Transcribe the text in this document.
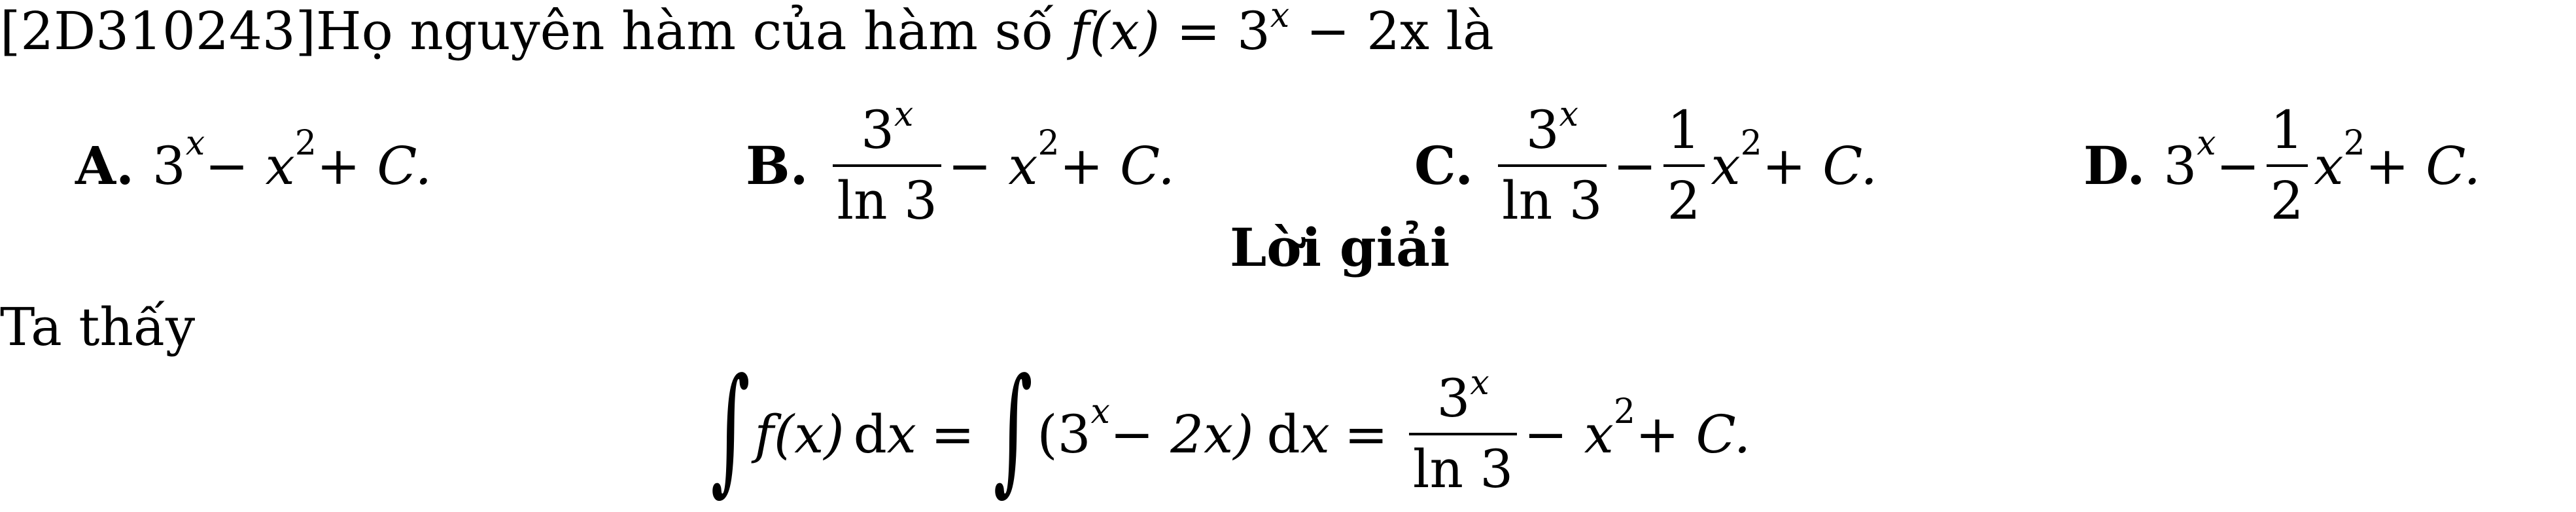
[2D310243]Họ nguyên hàm của hàm số $f(x) = 3^x - 2x$ là
A. 3 x − x 2 + C.	B. $\frac{3^x}{\ln 3} - x$ 2 + C.	C. $\frac{3^x}{\ln 3} - \frac{1}{2}$ x 2 + C.	D. 3 $x - \frac{1}{2}$ x 2 + C.
Lời giải
Ta thấy
∫ f(x) dx = ∫ (3 x − 2x) dx = $\frac{3^x}{\ln 3} - x$ 2 + C.
